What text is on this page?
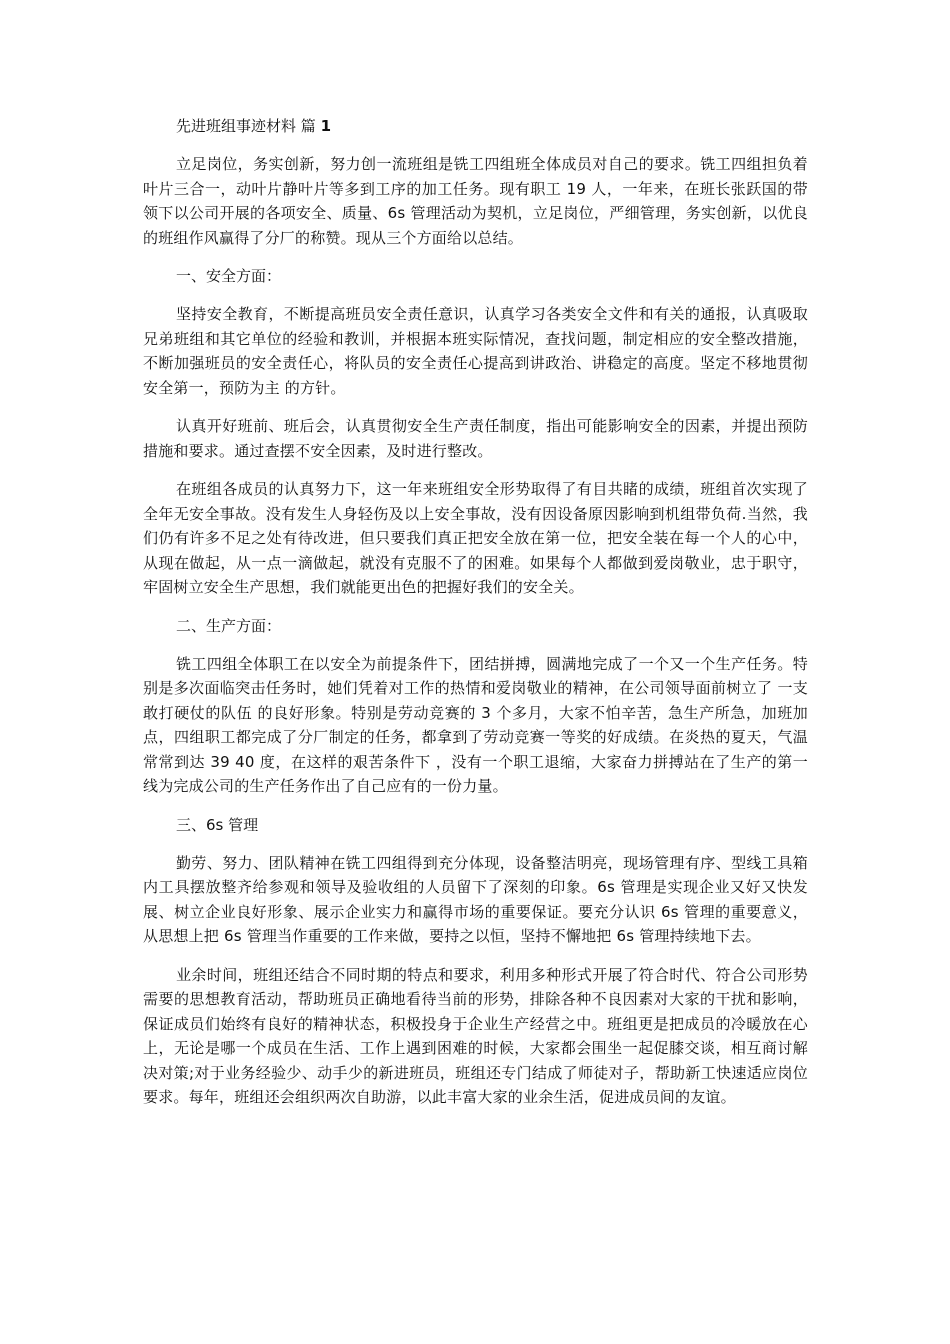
先进班组事迹材料 篇 1

立足岗位，务实创新，努力创一流班组是铣工四组班全体成员对自己的要求。铣工四组担负着叶片三合一，动叶片静叶片等多到工序的加工任务。现有职工 19 人，一年来，在班长张跃国的带领下以公司开展的各项安全、质量、6s 管理活动为契机，立足岗位，严细管理，务实创新，以优良的班组作风赢得了分厂的称赞。现从三个方面给以总结。

一、安全方面：

坚持安全教育，不断提高班员安全责任意识，认真学习各类安全文件和有关的通报，认真吸取兄弟班组和其它单位的经验和教训，并根据本班实际情况，查找问题，制定相应的安全整改措施，不断加强班员的安全责任心，将队员的安全责任心提高到讲政治、讲稳定的高度。坚定不移地贯彻 安全第一，预防为主 的方针。

认真开好班前、班后会，认真贯彻安全生产责任制度，指出可能影响安全的因素，并提出预防措施和要求。通过查摆不安全因素，及时进行整改。

在班组各成员的认真努力下，这一年来班组安全形势取得了有目共睹的成绩，班组首次实现了全年无安全事故。没有发生人身轻伤及以上安全事故，没有因设备原因影响到机组带负荷.当然，我们仍有许多不足之处有待改进，但只要我们真正把安全放在第一位，把安全装在每一个人的心中，从现在做起，从一点一滴做起，就没有克服不了的困难。如果每个人都做到爱岗敬业，忠于职守，牢固树立安全生产思想，我们就能更出色的把握好我们的安全关。

二、生产方面：

铣工四组全体职工在以安全为前提条件下，团结拼搏，圆满地完成了一个又一个生产任务。特别是多次面临突击任务时，她们凭着对工作的热情和爱岗敬业的精神，在公司领导面前树立了 一支敢打硬仗的队伍 的良好形象。特别是劳动竞赛的 3 个多月，大家不怕辛苦，急生产所急，加班加点，四组职工都完成了分厂制定的任务，都拿到了劳动竞赛一等奖的好成绩。在炎热的夏天，气温常常到达 39 40 度，在这样的艰苦条件下 ，没有一个职工退缩，大家奋力拼搏站在了生产的第一线为完成公司的生产任务作出了自己应有的一份力量。

三、6s 管理

勤劳、努力、团队精神在铣工四组得到充分体现，设备整洁明亮，现场管理有序、型线工具箱内工具摆放整齐给参观和领导及验收组的人员留下了深刻的印象。6s 管理是实现企业又好又快发展、树立企业良好形象、展示企业实力和赢得市场的重要保证。要充分认识 6s 管理的重要意义，从思想上把 6s 管理当作重要的工作来做，要持之以恒，坚持不懈地把 6s 管理持续地下去。

业余时间，班组还结合不同时期的特点和要求，利用多种形式开展了符合时代、符合公司形势需要的思想教育活动，帮助班员正确地看待当前的形势，排除各种不良因素对大家的干扰和影响，保证成员们始终有良好的精神状态，积极投身于企业生产经营之中。班组更是把成员的冷暖放在心上，无论是哪一个成员在生活、工作上遇到困难的时候，大家都会围坐一起促膝交谈，相互商讨解决对策;对于业务经验少、动手少的新进班员，班组还专门结成了师徒对子，帮助新工快速适应岗位要求。每年，班组还会组织两次自助游，以此丰富大家的业余生活，促进成员间的友谊。
